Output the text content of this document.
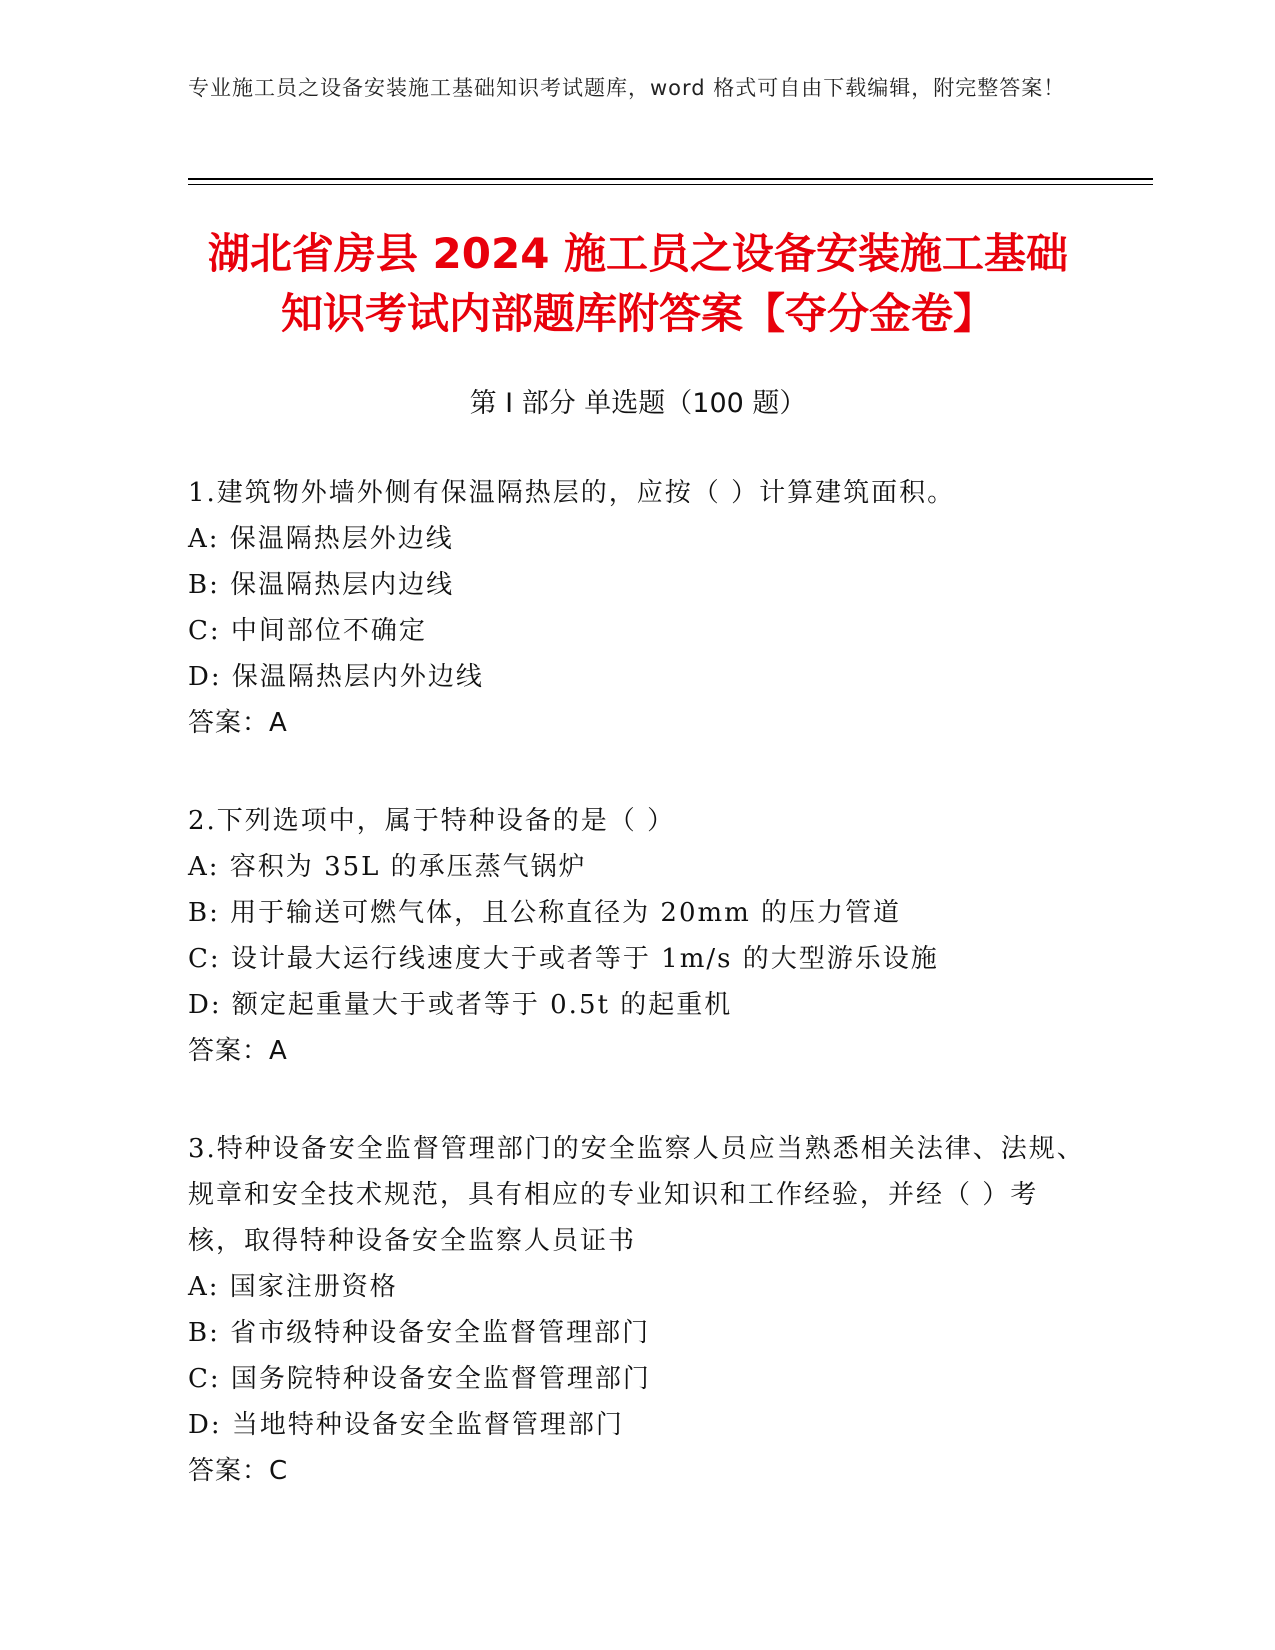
专业施工员之设备安装施工基础知识考试题库，word 格式可自由下载编辑，附完整答案！
湖北省房县 2024 施工员之设备安装施工基础
知识考试内部题库附答案【夺分金卷】
第 I 部分 单选题（100 题）
1.建筑物外墙外侧有保温隔热层的，应按（ ）计算建筑面积。
A: 保温隔热层外边线
B: 保温隔热层内边线
C: 中间部位不确定
D: 保温隔热层内外边线
答案：A
2.下列选项中，属于特种设备的是（ ）
A: 容积为 35L 的承压蒸气锅炉
B: 用于输送可燃气体，且公称直径为 20mm 的压力管道
C: 设计最大运行线速度大于或者等于 1m/s 的大型游乐设施
D: 额定起重量大于或者等于 0.5t 的起重机
答案：A
3.特种设备安全监督管理部门的安全监察人员应当熟悉相关法律、法规、规章和安全技术规范，具有相应的专业知识和工作经验，并经（ ）考核，取得特种设备安全监察人员证书
A: 国家注册资格
B: 省市级特种设备安全监督管理部门
C: 国务院特种设备安全监督管理部门
D: 当地特种设备安全监督管理部门
答案：C
